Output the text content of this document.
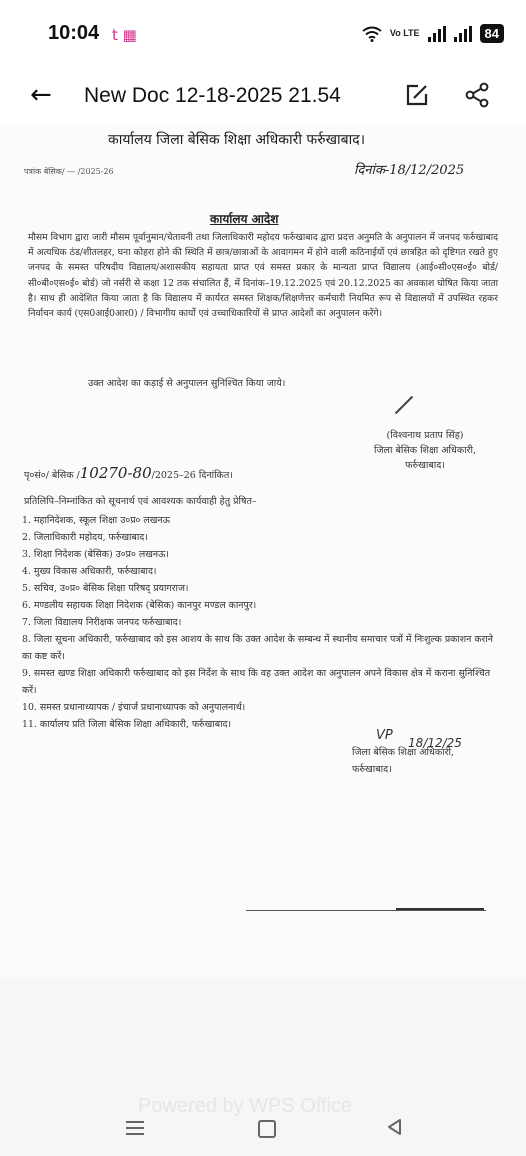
10:04 t ▦	Vo LTE	84
← New Doc 12-18-2025 21.54
कार्यालय जिला बेसिक शिक्षा अधिकारी फर्रुखाबाद।
पत्रांक बेसिक/ — /2025-26	दिनांक-18/12/2025
कार्यालय आदेश
मौसम विभाग द्वारा जारी मौसम पूर्वानुमान/चेतावनी तथा जिलाधिकारी महोदय फर्रुखाबाद द्वारा प्रदत्त अनुमति के अनुपालन में जनपद फर्रुखाबाद में अत्यधिक ठंड/शीतलहर, घना कोहरा होने की स्थिति में छात्र/छात्राओं के आवागमन में होने वाली कठिनाईयों एवं छात्रहित को दृष्टिगत रखते हुए जनपद के समस्त परिषदीय विद्यालय/अशासकीय सहायता प्राप्त एवं समस्त प्रकार के मान्यता प्राप्त विद्यालय (आई०सी०एस०ई० बोर्ड/सी०बी०एस०ई० बोर्ड) जो नर्सरी से कक्षा 12 तक संचालित हैं, में दिनांक–19.12.2025 एवं 20.12.2025 का अवकाश घोषित किया जाता है। साथ ही आदेशित किया जाता है कि विद्यालय में कार्यरत समस्त शिक्षक/शिक्षणेत्तर कर्मचारी नियमित रूप से विद्यालयों में उपस्थित रहकर निर्वाचन कार्य (एस0आई0आर0) / विभागीय कार्यो एवं उच्चाधिकारियों से प्राप्त आदेशों का अनुपालन करेंगे।
उक्त आदेश का कड़ाई से अनुपालन सुनिश्चित किया जाये।
(विश्वनाथ प्रताप सिंह)
जिला बेसिक शिक्षा अधिकारी,
फर्रुखाबाद।
पृ०सं०/ बेसिक /10270-80/2025–26 दिनांकित।
प्रतिलिपि–निम्नांकित को सूचनार्थ एवं आवश्यक कार्यवाही हेतु प्रेषित–
1. महानिदेशक, स्कूल शिक्षा उ०प्र० लखनऊ
2. जिलाधिकारी महोदय, फर्रुखाबाद।
3. शिक्षा निदेशक (बेसिक) उ०प्र० लखनऊ।
4. मुख्य विकास अधिकारी, फर्रुखाबाद।
5. सचिव, उ०प्र० बेसिक शिक्षा परिषद् प्रयागराज।
6. मण्डलीय सहायक शिक्षा निदेशक (बेसिक) कानपुर मण्डल कानपुर।
7. जिला विद्यालय निरीक्षक जनपद फर्रुखाबाद।
8. जिला सूचना अधिकारी, फर्रुखाबाद को इस आशय के साथ कि उक्त आदेश के सम्बन्ध में स्थानीय समाचार पत्रों में निःशुल्क प्रकाशन कराने का कष्ट करें।
9. समस्त खण्ड शिक्षा अधिकारी फर्रुखाबाद को इस निर्देश के साथ कि वह उक्त आदेश का अनुपालन अपने विकास क्षेत्र में कराना सुनिश्चित करें।
10. समस्त प्रधानाध्यापक / इंचार्ज प्रधानाध्यापक को अनुपालनार्थ।
11. कार्यालय प्रति जिला बेसिक शिक्षा अधिकारी, फर्रुखाबाद।
VP 18/12/25
जिला बेसिक शिक्षा अधिकारी,
फर्रुखाबाद।
Powered by WPS Office
